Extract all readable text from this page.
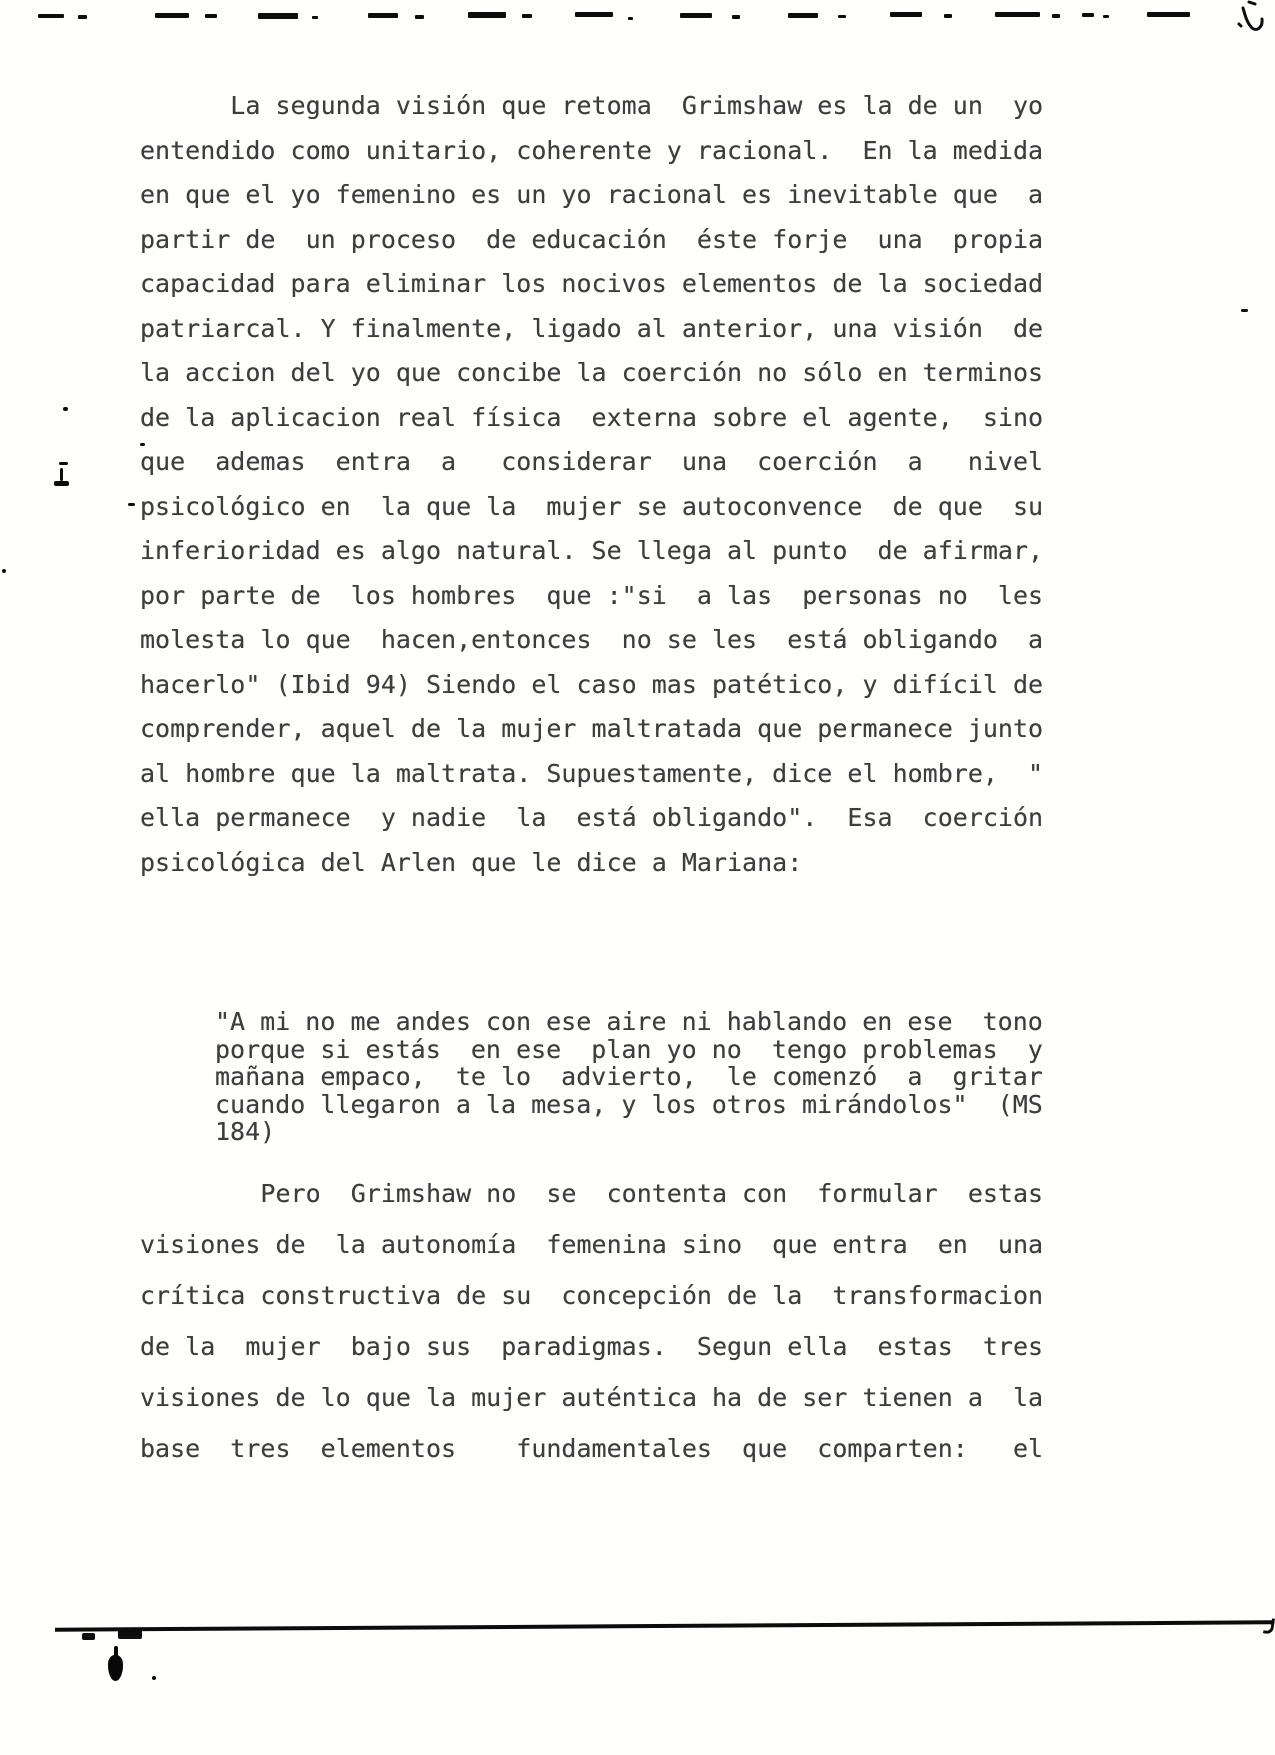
La segunda visión que retoma  Grimshaw es la de un  yo
entendido como unitario, coherente y racional.  En la medida
en que el yo femenino es un yo racional es inevitable que  a
partir de  un proceso  de educación  éste forje  una  propia
capacidad para eliminar los nocivos elementos de la sociedad
patriarcal. Y finalmente, ligado al anterior, una visión  de
la accion del yo que concibe la coerción no sólo en terminos
de la aplicacion real física  externa sobre el agente,  sino
que  ademas  entra  a   considerar  una  coerción  a   nivel
psicológico en  la que la  mujer se autoconvence  de que  su
inferioridad es algo natural. Se llega al punto  de afirmar,
por parte de  los hombres  que :"si  a las  personas no  les
molesta lo que  hacen,entonces  no se les  está obligando  a
hacerlo" (Ibid 94) Siendo el caso mas patético, y difícil de
comprender, aquel de la mujer maltratada que permanece junto
al hombre que la maltrata. Supuestamente, dice el hombre,  "
ella permanece  y nadie  la  está obligando".  Esa  coerción
psicológica del Arlen que le dice a Mariana:
"A mi no me andes con ese aire ni hablando en ese  tono
porque si estás  en ese  plan yo no  tengo problemas  y
mañana empaco,  te lo  advierto,  le comenzó  a  gritar
cuando llegaron a la mesa, y los otros mirándolos"  (MS
184)
Pero  Grimshaw no  se  contenta con  formular  estas
visiones de  la autonomía  femenina sino  que entra  en  una
crítica constructiva de su  concepción de la  transformacion
de la  mujer  bajo sus  paradigmas.  Segun ella  estas  tres
visiones de lo que la mujer auténtica ha de ser tienen a  la
base  tres  elementos    fundamentales  que  comparten:   el
